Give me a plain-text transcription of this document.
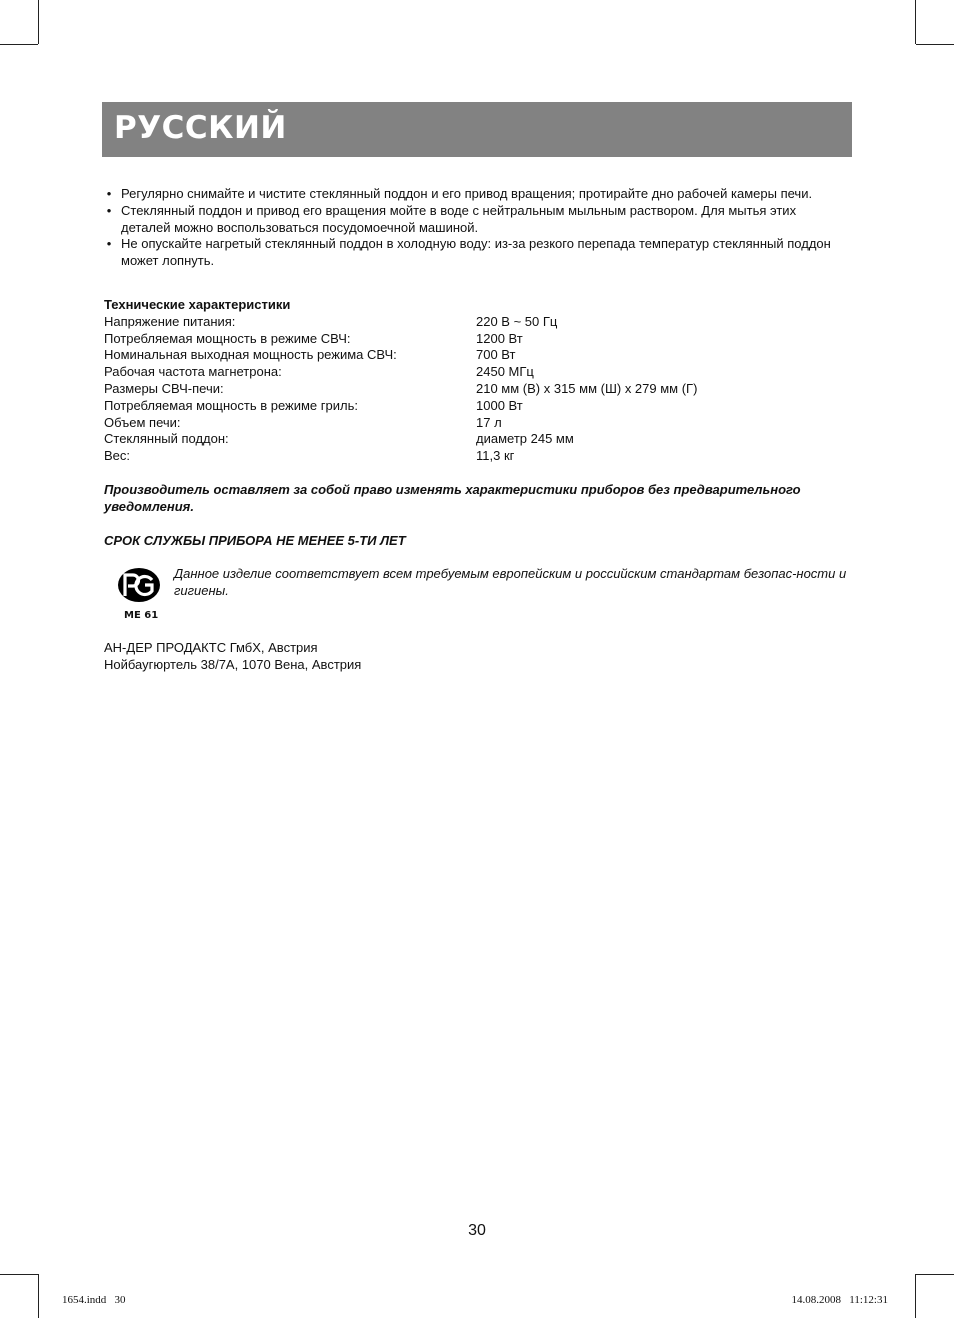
РУССКИЙ
• Регулярно снимайте и чистите стеклянный поддон и его привод вращения; протирайте дно рабочей камеры печи.
• Стеклянный поддон и привод его вращения мойте в воде с нейтральным мыльным раствором. Для мытья этих деталей можно воспользоваться посудомоечной машиной.
• Не опускайте нагретый стеклянный поддон в холодную воду: из-за резкого перепада температур стеклянный поддон может лопнуть.
Технические характеристики
Напряжение питания:	220 В ~ 50 Гц
Потребляемая мощность в режиме СВЧ:	1200 Вт
Номинальная выходная мощность режима СВЧ:	700 Вт
Рабочая частота магнетрона:	2450 МГц
Размеры СВЧ-печи:	210 мм (В) х 315 мм (Ш) х 279 мм (Г)
Потребляемая мощность в режиме гриль:	1000 Вт
Объем печи:	17 л
Стеклянный поддон:	диаметр 245 мм
Вес:	11,3 кг
Производитель оставляет за собой право изменять характеристики приборов без предварительного уведомления.
СРОК СЛУЖБЫ ПРИБОРА НЕ МЕНЕЕ 5-ТИ ЛЕТ
ME 61
Данное изделие соответствует всем требуемым европейским и российским стандартам безопас-ности и гигиены.
АН-ДЕР ПРОДАКТС ГмбХ, Австрия
Нойбаугюртель 38/7А, 1070 Вена, Австрия
30
1654.indd   30	14.08.2008   11:12:31
